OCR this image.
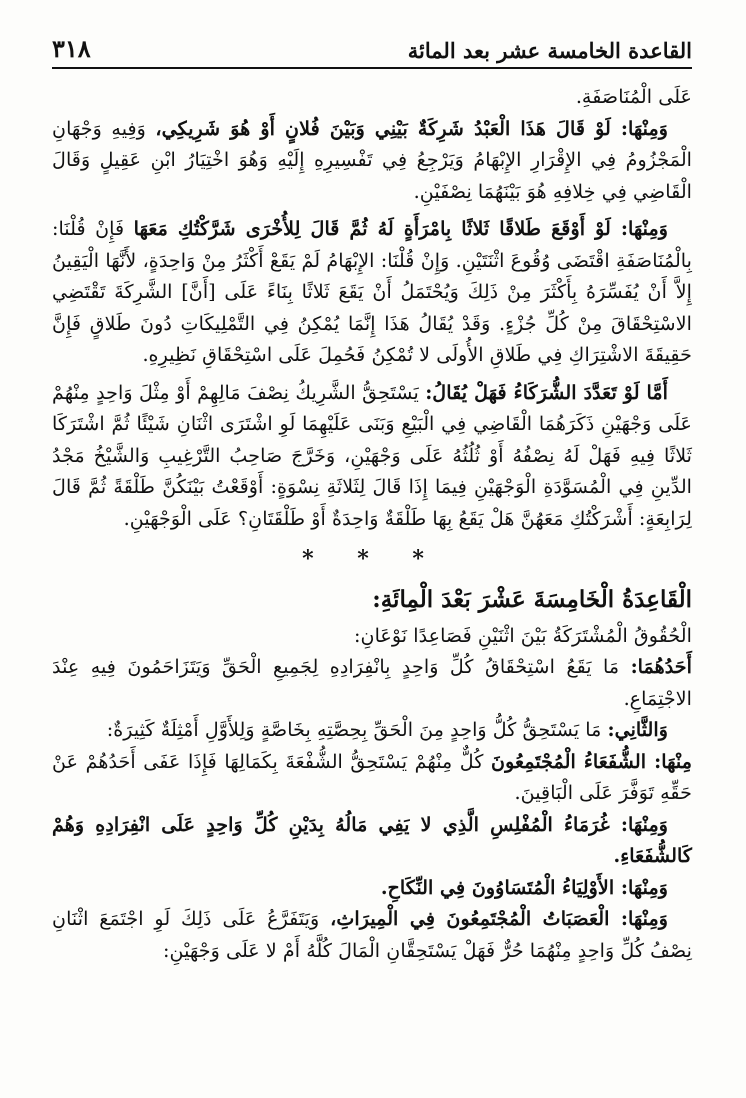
القاعدة الخامسة عشر بعد المائة
٣١٨

عَلَى الْمُنَاصَفَةِ.

وَمِنْهَا: لَوْ قَالَ هَذَا الْعَبْدُ شَرِكَةٌ بَيْنِي وَبَيْنَ فُلانٍ أَوْ هُوَ شَرِيكِي، وَفِيهِ وَجْهَانِ الْمَجْزُومُ فِي الإِقْرَارِ الإِبْهَامُ وَيَرْجِعُ فِي تَفْسِيرِهِ إِلَيْهِ وَهُوَ اخْتِيَارُ ابْنِ عَقِيلٍ وَقَالَ الْقَاضِي فِي خِلافِهِ هُوَ بَيْنَهُمَا نِصْفَيْنِ.

وَمِنْهَا: لَوْ أَوْقَعَ طَلاقًا ثَلاثًا بِامْرَأَةٍ لَهُ ثُمَّ قَالَ لِلأُخْرَى شَرَّكْتُكِ مَعَهَا فَإِنْ قُلْنَا: بِالْمُنَاصَفَةِ اقْتَضَى وُقُوعَ اثْنَتَيْنِ. وَإِنْ قُلْنَا: الإِبْهَامُ لَمْ يَقَعْ أَكْثَرُ مِنْ وَاحِدَةٍ، لأَنَّهَا الْيَقِينُ إِلاَّ أَنْ يُفَسِّرَهُ بِأَكْثَرَ مِنْ ذَلِكَ وَيُحْتَمَلُ أَنْ يَقَعَ ثَلاثًا بِنَاءً عَلَى [أَنَّ] الشَّرِكَةَ تَقْتَضِي الاسْتِحْقَاقَ مِنْ كُلِّ جُزْءٍ. وَقَدْ يُقَالُ هَذَا إِنَّمَا يُمْكِنُ فِي التَّمْلِيكَاتِ دُونَ طَلاقٍ فَإِنَّ حَقِيقَةَ الاشْتِرَاكِ فِي طَلاقِ الأُولَى لا تُمْكِنُ فَحُمِلَ عَلَى اسْتِحْقَاقِ نَظِيرِهِ.

أَمَّا لَوْ تَعَدَّدَ الشُّرَكَاءُ فَهَلْ يُقَالُ: يَسْتَحِقُّ الشَّرِيكُ نِصْفَ مَالِهِمْ أَوْ مِثْلَ وَاحِدٍ مِنْهُمْ عَلَى وَجْهَيْنِ ذَكَرَهُمَا الْقَاضِي فِي الْبَيْعِ وَبَنَى عَلَيْهِمَا لَوِ اشْتَرَى اثْنَانِ شَيْئًا ثُمَّ اشْتَرَكَا ثَلاثًا فِيهِ فَهَلْ لَهُ نِصْفُهُ أَوْ ثُلُثُهُ عَلَى وَجْهَيْنِ، وَخَرَّجَ صَاحِبُ التَّرْغِيبِ وَالشَّيْخُ مَجْدُ الدِّينِ فِي الْمُسَوَّدَةِ الْوَجْهَيْنِ فِيمَا إِذَا قَالَ لِثَلاثَةِ نِسْوَةٍ: أَوْقَعْتُ بَيْنَكُنَّ طَلْقَةً ثُمَّ قَالَ لِرَابِعَةٍ: أَشْرَكْتُكِ مَعَهُنَّ هَلْ يَقَعُ بِهَا طَلْقَةٌ وَاحِدَةٌ أَوْ طَلْقَتَانِ؟ عَلَى الْوَجْهَيْنِ.

* * *
الْقَاعِدَةُ الْخَامِسَةَ عَشْرَ بَعْدَ الْمِائَةِ:

الْحُقُوقُ الْمُشْتَرَكَةُ بَيْنَ اثْنَيْنِ فَصَاعِدًا نَوْعَانِ:

أَحَدُهُمَا: مَا يَقَعُ اسْتِحْقَاقُ كُلِّ وَاحِدٍ بِانْفِرَادِهِ لِجَمِيعِ الْحَقِّ وَيَتَزَاحَمُونَ فِيهِ عِنْدَ الاجْتِمَاعِ.

وَالثَّانِي: مَا يَسْتَحِقُّ كُلُّ وَاحِدٍ مِنَ الْحَقِّ بِحِصَّتِهِ بِخَاصَّةٍ وَلِلأَوَّلِ أَمْثِلَةٌ كَثِيرَةٌ:

مِنْهَا: الشُّفَعَاءُ الْمُجْتَمِعُونَ كُلٌّ مِنْهُمْ يَسْتَحِقُّ الشُّفْعَةَ بِكَمَالِهَا فَإِذَا عَفَى أَحَدُهُمْ عَنْ حَقِّهِ تَوَفَّرَ عَلَى الْبَاقِينَ.

وَمِنْهَا: غُرَمَاءُ الْمُفْلِسِ الَّذِي لا يَفِي مَالُهُ بِدَيْنِ كُلِّ وَاحِدٍ عَلَى انْفِرَادِهِ وَهُمْ كَالشُّفَعَاءِ.

وَمِنْهَا: الأَوْلِيَاءُ الْمُتَسَاوُونَ فِي النِّكَاحِ.

وَمِنْهَا: الْعَصَبَاتُ الْمُجْتَمِعُونَ فِي الْمِيرَاثِ، وَيَتَفَرَّعُ عَلَى ذَلِكَ لَوِ اجْتَمَعَ اثْنَانِ نِصْفُ كُلِّ وَاحِدٍ مِنْهُمَا حُرٌّ فَهَلْ يَسْتَحِقَّانِ الْمَالَ كُلَّهُ أَمْ لا عَلَى وَجْهَيْنِ:
